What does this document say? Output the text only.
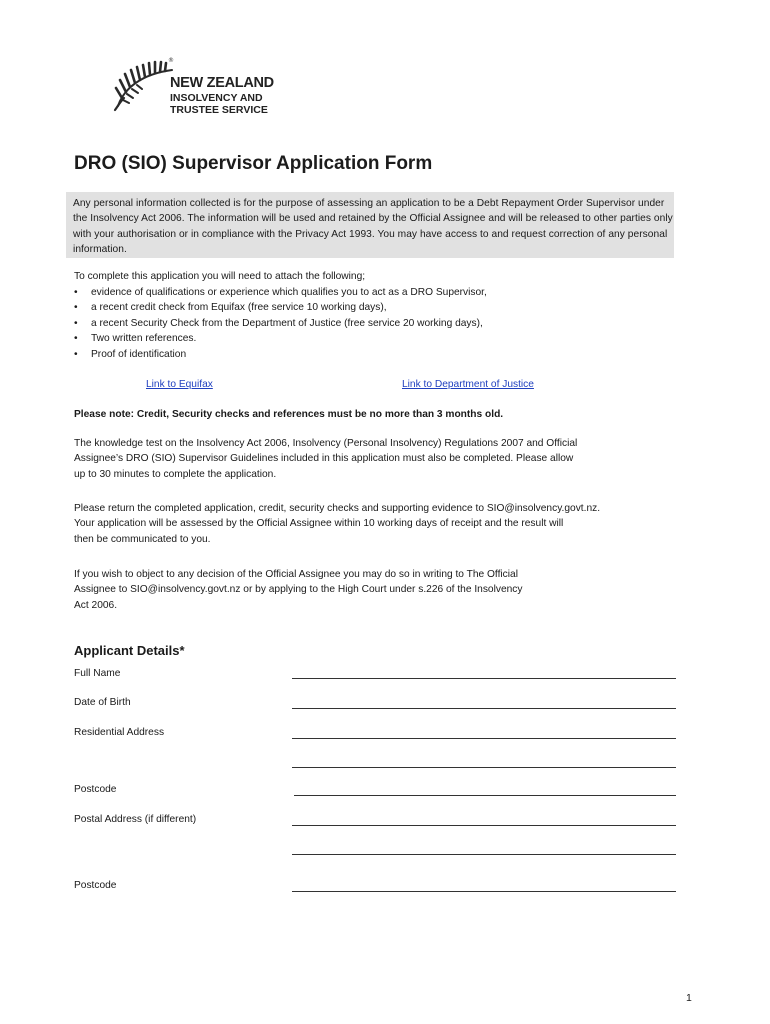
®
NEW ZEALAND
INSOLVENCY AND
TRUSTEE SERVICE
DRO (SIO) Supervisor Application Form

Any personal information collected is for the purpose of assessing an application to be a Debt Repayment Order Supervisor under the Insolvency Act 2006. The information will be used and retained by the Official Assignee and will be released to other parties only with your authorisation or in compliance with the Privacy Act 1993. You may have access to and request correction of any personal information.

To complete this application you will need to attach the following;
• evidence of qualifications or experience which qualifies you to act as a DRO Supervisor,
• a recent credit check from Equifax (free service 10 working days),
• a recent Security Check from the Department of Justice (free service 20 working days),
• Two written references.
• Proof of identification
Link to Equifax	Link to Department of Justice
Please note: Credit, Security checks and references must be no more than 3 months old.
The knowledge test on the Insolvency Act 2006, Insolvency (Personal Insolvency) Regulations 2007 and Official
Assignee’s DRO (SIO) Supervisor Guidelines included in this application must also be completed. Please allow
up to 30 minutes to complete the application.
Please return the completed application, credit, security checks and supporting evidence to SIO@insolvency.govt.nz.
Your application will be assessed by the Official Assignee within 10 working days of receipt and the result will
then be communicated to you.
If you wish to object to any decision of the Official Assignee you may do so in writing to The Official
Assignee to SIO@insolvency.govt.nz or by applying to the High Court under s.226 of the Insolvency
Act 2006.
Applicant Details*
Full Name
Date of Birth
Residential Address
Postcode
Postal Address (if different)
Postcode
1
